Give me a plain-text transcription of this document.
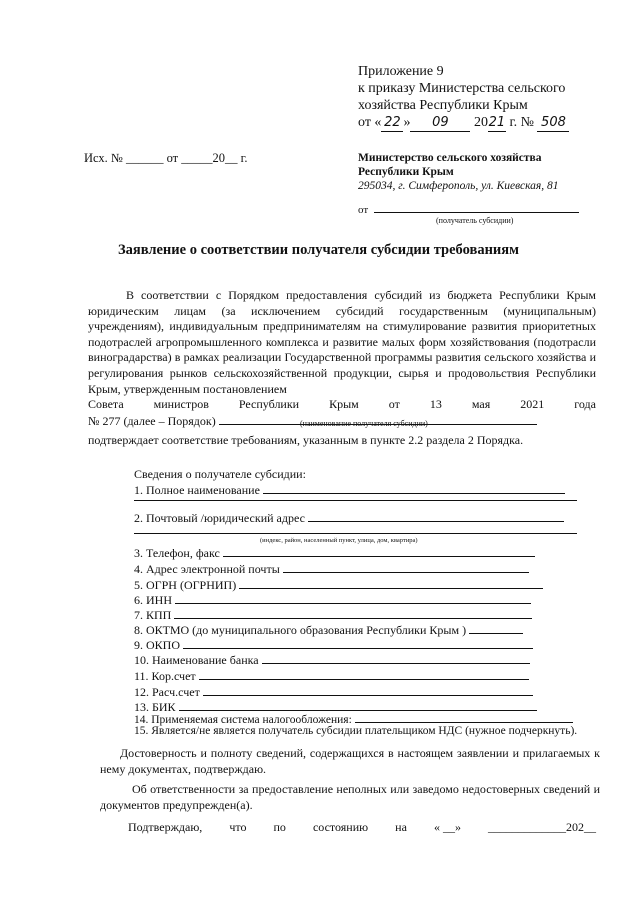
Приложение 9
к приказу Министерства сельского
хозяйства Республики Крым
от « 22 » 09 2021 г. № 508
Исх. № ______ от _____20__ г.	Министерство сельского хозяйства
Республики Крым
295034, г. Симферополь, ул. Киевская, 81
от
(получатель субсидии)
Заявление о соответствии получателя субсидии требованиям

В соответствии с Порядком предоставления субсидий из бюджета Республики Крым юридическим лицам (за исключением субсидий государственным (муниципальным) учреждениям), индивидуальным предпринимателям на стимулирование развития приоритетных подотраслей агропромышленного комплекса и развитие малых форм хозяйствования (подотрасли виноградарства) в рамках реализации Государственной программы развития сельского хозяйства и регулирования рынков сельскохозяйственной продукции, сырья и продовольствия Республики Крым, утвержденным постановлением

Совета	министров	Республики	Крым	от	13	мая	2021	года
№ 277 (далее – Порядок)	(наименование получателя субсидии)
подтверждает соответствие требованиям, указанным в пункте 2.2 раздела 2 Порядка.
Сведения о получателе субсидии:
1. Полное наименование
2. Почтовый /юридический адрес
(индекс, район, населенный пункт, улица, дом, квартира)
3. Телефон, факс
4. Адрес электронной почты
5. ОГРН (ОГРНИП)
6. ИНН
7. КПП
8. ОКТМО (до муниципального образования Республики Крым )
9. ОКПО
10. Наименование банка
11. Кор.счет
12. Расч.счет
13. БИК
14. Применяемая система налогообложения:
15. Является/не является получатель субсидии плательщиком НДС (нужное подчеркнуть).

Достоверность и полноту сведений, содержащихся в настоящем заявлении и прилагаемых к нему документах, подтверждаю.

Об ответственности за предоставление неполных или заведомо недостоверных сведений и документов предупрежден(а).

Подтверждаю, что по состоянию на « __» _____________202__
